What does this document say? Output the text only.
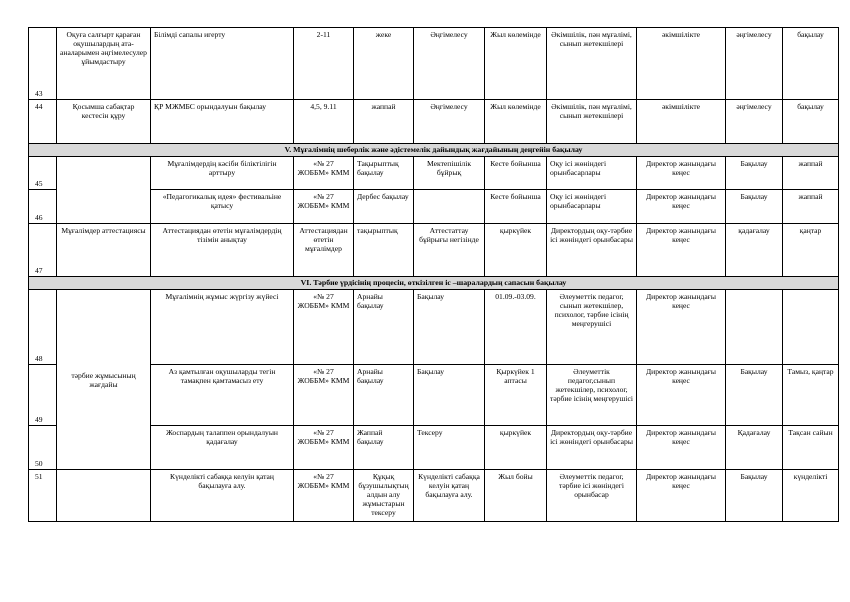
43	Оқуға салғырт қараған оқушылардың ата-аналарымен әңгімелесулер ұйымдастыру	Білімді сапалы игерту	2-11	жеке	Әңгімелесу	Жыл көлемінде	Әкімшілік, пән мұғалімі, сынып жетекшілері	әкімшілікте	әңгімелесу	бақылау
44	Қосымша сабақтар кестесін құру	ҚР МЖМБС орындалуын бақылау	4,5, 9.11	жаппай	Әңгімелесу	Жыл көлемінде	Әкімшілік, пән мұғалімі, сынып жетекшілері	әкімшілікте	әңгімелесу	бақылау
V. Мұғалімнің шеберлік және әдістемелік дайындық жағдайының деңгейін бақылау										
45		Мұғалімдердің кәсіби біліктілігін арттыру	«№ 27 ЖОББМ» КММ	Тақырыптық бақылау	Мектепішілік бұйрық	Кесте бойынша	Оқу ісі жөніндегі орынбасарлары	Директор жанындағы кеңес	Бақылау	жаппай
46		«Педагогикалық идея» фестивальіне қатысу	«№ 27 ЖОББМ» КММ	Дербес бақылау		Кесте бойынша	Оқу ісі жөніндегі орынбасарлары	Директор жанындағы кеңес	Бақылау	жаппай
47	Мұғалімдер аттестациясы	Аттестациядан өтетін мұғалімдердің тізімін анықтау	Аттестациядан өтетін мұғалімдер	тақырыптық	Аттестаттау бұйрығы негізінде	қыркүйек	Директордың оқу-тәрбие ісі жөніндегі орынбасары	Директор жанындағы кеңес	қадағалау	қаңтар
VI. Тәрбие үрдісінің процесін, өткізілген іс –шаралардың сапасын бақылау										
48	тәрбие жұмысының жағдайы	Мұғалімнің жұмыс жүргізу жүйесі	«№ 27 ЖОББМ» КММ	Арнайы бақылау	Бақылау	01.09.-03.09.	Әлеуметтік педагог, сынып жетекшілер, психолог, тәрбие ісінің меңгерушісі	Директор жанындағы кеңес		
49		Аз қамтылған оқушыларды тегін тамақпен қамтамасыз ету	«№ 27 ЖОББМ» КММ	Арнайы бақылау	Бақылау	Қыркүйек 1 аптасы	Әлеуметтік педагог,сынып жетекшілер, психолог, тәрбие ісінің меңгерушісі	Директор жанындағы кеңес	Бақылау	Тамыз, қаңтар
50		Жоспардың талаппен орындалуын қадағалау	«№ 27 ЖОББМ» КММ	Жаппай бақылау	Тексеру	қыркүйек	Директордың оқу-тәрбие ісі жөніндегі орынбасары	Директор жанындағы кеңес	Қадағалау	Тақсан сайын
51		Күнделікті сабаққа келуін қатаң бақылауға алу.	«№ 27 ЖОББМ» КММ	Құқық бұзушылықтың алдын алу жұмыстарын тексеру	Күнделікті сабаққа келуін қатаң бақылауға алу.	Жыл бойы	Әлеуметтік педагог, тәрбие ісі жөніндегі орынбасар	Директор жанындағы кеңес	Бақылау	күнделікті
